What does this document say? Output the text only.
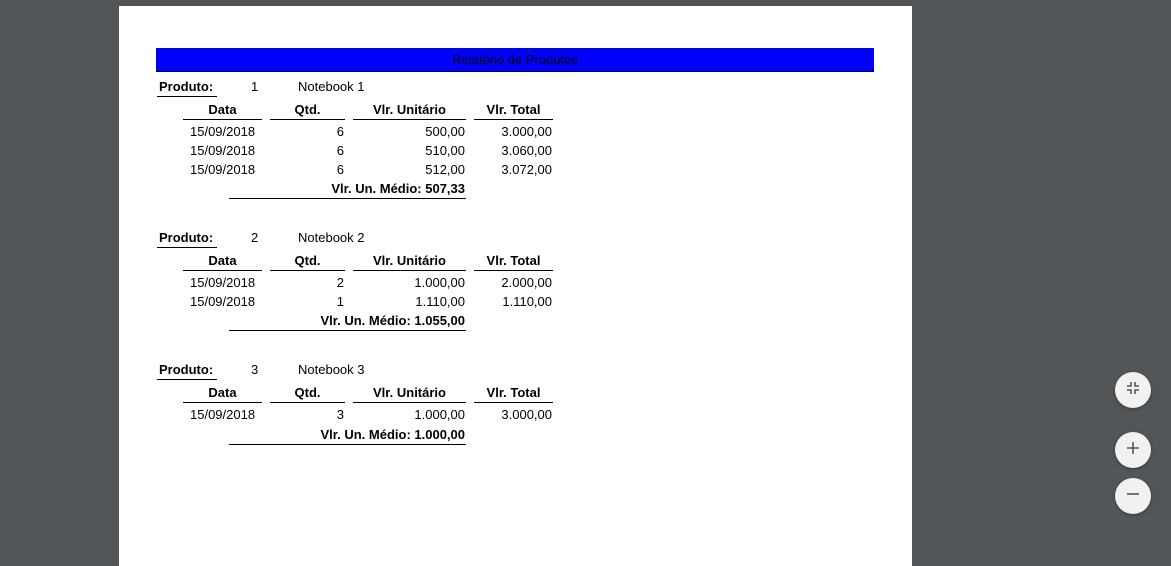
Relatório de Produtos
Produto:	1	Notebook 1
Data	Qtd.	Vlr. Unitário	Vlr. Total
15/09/2018	6	500,00	3.000,00
15/09/2018	6	510,00	3.060,00
15/09/2018	6	512,00	3.072,00
Vlr. Un. Médio: 507,33
Produto:	2	Notebook 2
Data	Qtd.	Vlr. Unitário	Vlr. Total
15/09/2018	2	1.000,00	2.000,00
15/09/2018	1	1.110,00	1.110,00
Vlr. Un. Médio: 1.055,00
Produto:	3	Notebook 3
Data	Qtd.	Vlr. Unitário	Vlr. Total
15/09/2018	3	1.000,00	3.000,00
Vlr. Un. Médio: 1.000,00
